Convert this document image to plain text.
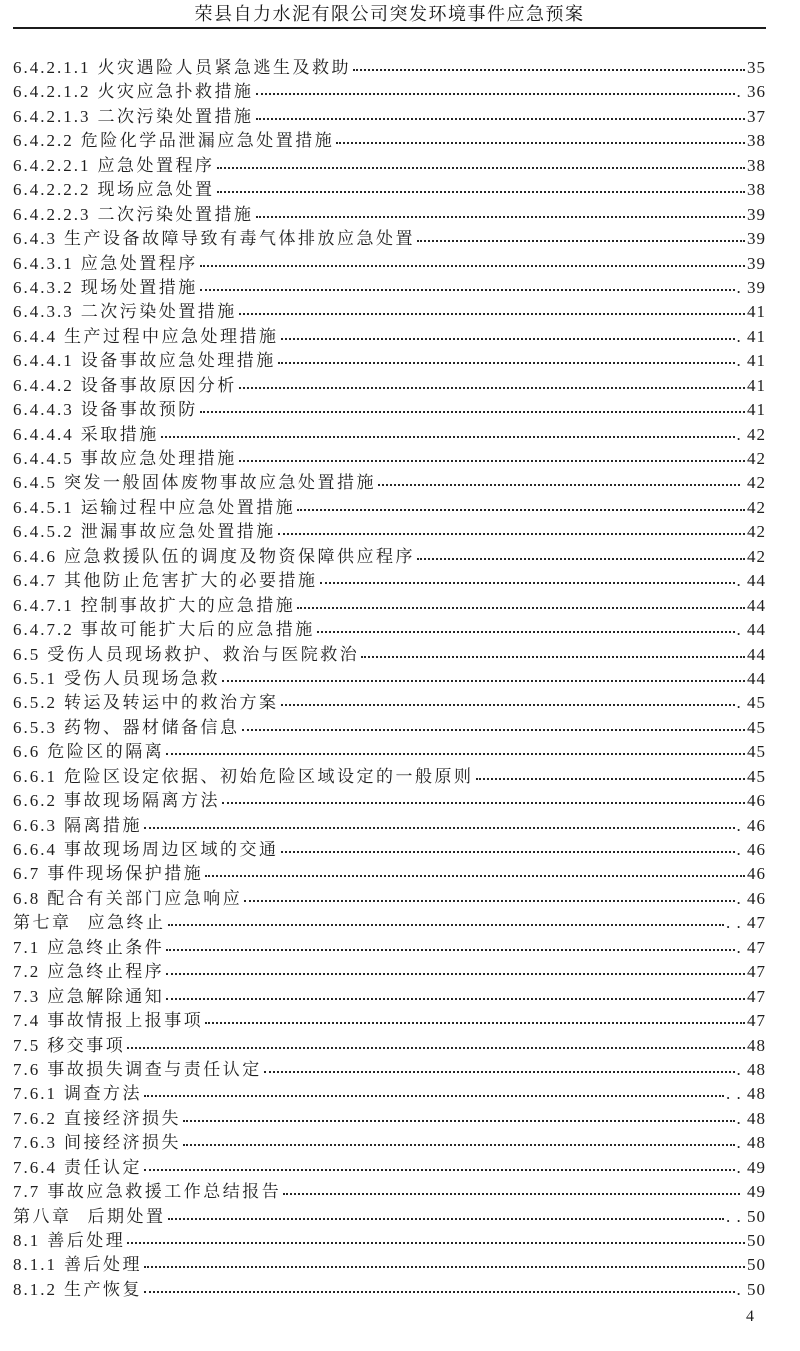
荣县自力水泥有限公司突发环境事件应急预案
6.4.2.1.1 火灾遇险人员紧急逃生及救助	35
6.4.2.1.2 火灾应急扑救措施	. 36
6.4.2.1.3 二次污染处置措施	37
6.4.2.2 危险化学品泄漏应急处置措施	38
6.4.2.2.1 应急处置程序	38
6.4.2.2.2 现场应急处置	38
6.4.2.2.3 二次污染处置措施	39
6.4.3 生产设备故障导致有毒气体排放应急处置	39
6.4.3.1 应急处置程序	39
6.4.3.2 现场处置措施	. 39
6.4.3.3 二次污染处置措施	41
6.4.4 生产过程中应急处理措施	. 41
6.4.4.1 设备事故应急处理措施	. 41
6.4.4.2 设备事故原因分析	41
6.4.4.3 设备事故预防	41
6.4.4.4 采取措施	. 42
6.4.4.5 事故应急处理措施	42
6.4.5 突发一般固体废物事故应急处置措施	42
6.4.5.1 运输过程中应急处置措施	42
6.4.5.2 泄漏事故应急处置措施	42
6.4.6 应急救援队伍的调度及物资保障供应程序	42
6.4.7 其他防止危害扩大的必要措施	. 44
6.4.7.1 控制事故扩大的应急措施	44
6.4.7.2 事故可能扩大后的应急措施	. 44
6.5 受伤人员现场救护、救治与医院救治	44
6.5.1 受伤人员现场急救	44
6.5.2 转运及转运中的救治方案	. 45
6.5.3 药物、器材储备信息	45
6.6 危险区的隔离	45
6.6.1 危险区设定依据、初始危险区域设定的一般原则	45
6.6.2 事故现场隔离方法	46
6.6.3 隔离措施	. 46
6.6.4 事故现场周边区域的交通	. 46
6.7 事件现场保护措施	46
6.8 配合有关部门应急响应	. 46
第七章 应急终止	. . 47
7.1 应急终止条件	. 47
7.2 应急终止程序	47
7.3 应急解除通知	47
7.4 事故情报上报事项	47
7.5 移交事项	48
7.6 事故损失调查与责任认定	. 48
7.6.1 调查方法	. . 48
7.6.2 直接经济损失	. 48
7.6.3 间接经济损失	. 48
7.6.4 责任认定	. 49
7.7 事故应急救援工作总结报告	49
第八章 后期处置	. . 50
8.1 善后处理	50
8.1.1 善后处理	50
8.1.2 生产恢复	. 50
4
